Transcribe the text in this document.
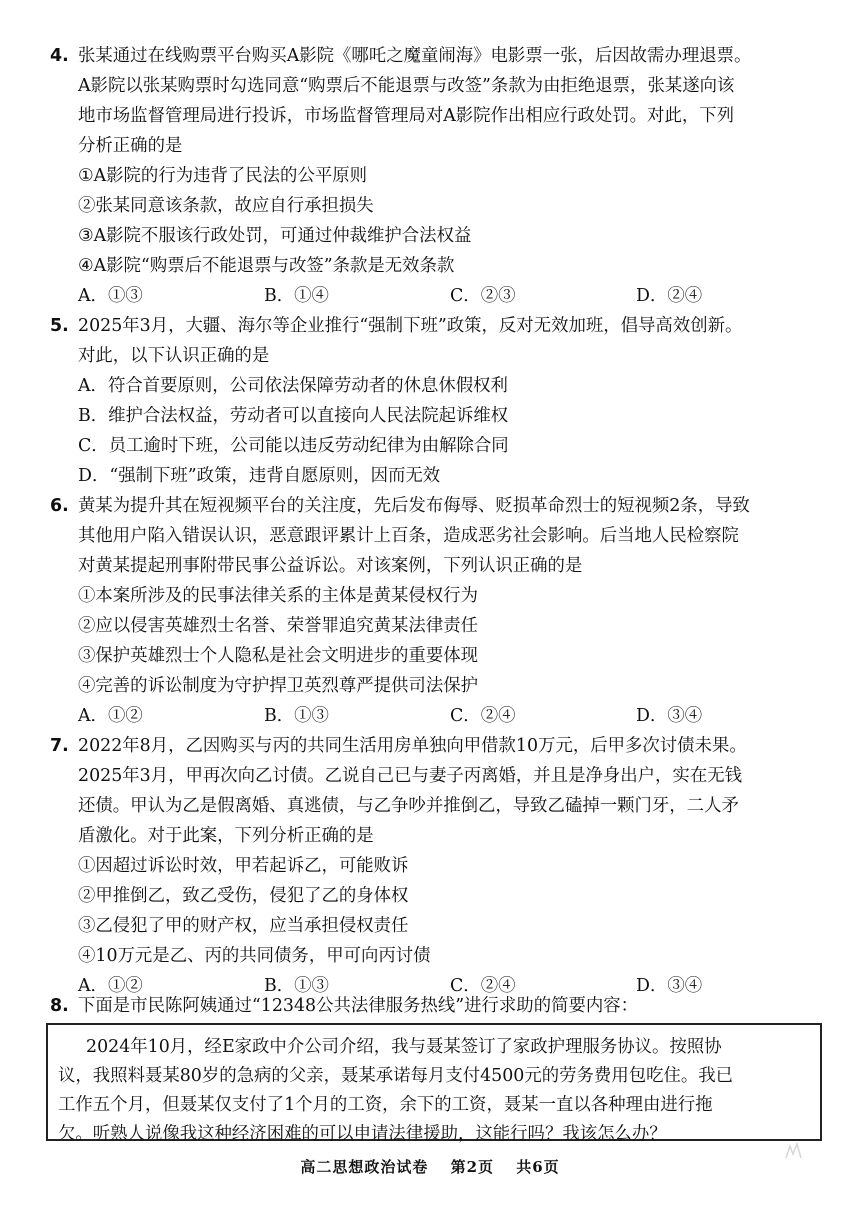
4. 张某通过在线购票平台购买A影院《哪吒之魔童闹海》电影票一张，后因故需办理退票。
A影院以张某购票时勾选同意“购票后不能退票与改签”条款为由拒绝退票，张某遂向该
地市场监督管理局进行投诉，市场监督管理局对A影院作出相应行政处罚。对此，下列
分析正确的是
①A影院的行为违背了民法的公平原则
②张某同意该条款，故应自行承担损失
③A影院不服该行政处罚，可通过仲裁维护合法权益
④A影院“购票后不能退票与改签”条款是无效条款
A．①③	B．①④	C．②③	D．②④
5. 2025年3月，大疆、海尔等企业推行“强制下班”政策，反对无效加班，倡导高效创新。
对此，以下认识正确的是
A．符合首要原则，公司依法保障劳动者的休息休假权利
B．维护合法权益，劳动者可以直接向人民法院起诉维权
C．员工逾时下班，公司能以违反劳动纪律为由解除合同
D．“强制下班”政策，违背自愿原则，因而无效
6. 黄某为提升其在短视频平台的关注度，先后发布侮辱、贬损革命烈士的短视频2条，导致
其他用户陷入错误认识，恶意跟评累计上百条，造成恶劣社会影响。后当地人民检察院
对黄某提起刑事附带民事公益诉讼。对该案例，下列认识正确的是
①本案所涉及的民事法律关系的主体是黄某侵权行为
②应以侵害英雄烈士名誉、荣誉罪追究黄某法律责任
③保护英雄烈士个人隐私是社会文明进步的重要体现
④完善的诉讼制度为守护捍卫英烈尊严提供司法保护
A．①②	B．①③	C．②④	D．③④
7. 2022年8月，乙因购买与丙的共同生活用房单独向甲借款10万元，后甲多次讨债未果。
2025年3月，甲再次向乙讨债。乙说自己已与妻子丙离婚，并且是净身出户，实在无钱
还债。甲认为乙是假离婚、真逃债，与乙争吵并推倒乙，导致乙磕掉一颗门牙，二人矛
盾激化。对于此案，下列分析正确的是
①因超过诉讼时效，甲若起诉乙，可能败诉
②甲推倒乙，致乙受伤，侵犯了乙的身体权
③乙侵犯了甲的财产权，应当承担侵权责任
④10万元是乙、丙的共同债务，甲可向丙讨债
A．①②	B．①③	C．②④	D．③④
8. 下面是市民陈阿姨通过“12348公共法律服务热线”进行求助的简要内容：
2024年10月，经E家政中介公司介绍，我与聂某签订了家政护理服务协议。按照协
议，我照料聂某80岁的急病的父亲，聂某承诺每月支付4500元的劳务费用包吃住。我已
工作五个月，但聂某仅支付了1个月的工资，余下的工资，聂某一直以各种理由进行拖
欠。听熟人说像我这种经济困难的可以申请法律援助，这能行吗？我该怎么办？
高二思想政治试卷 第2页 共6页
